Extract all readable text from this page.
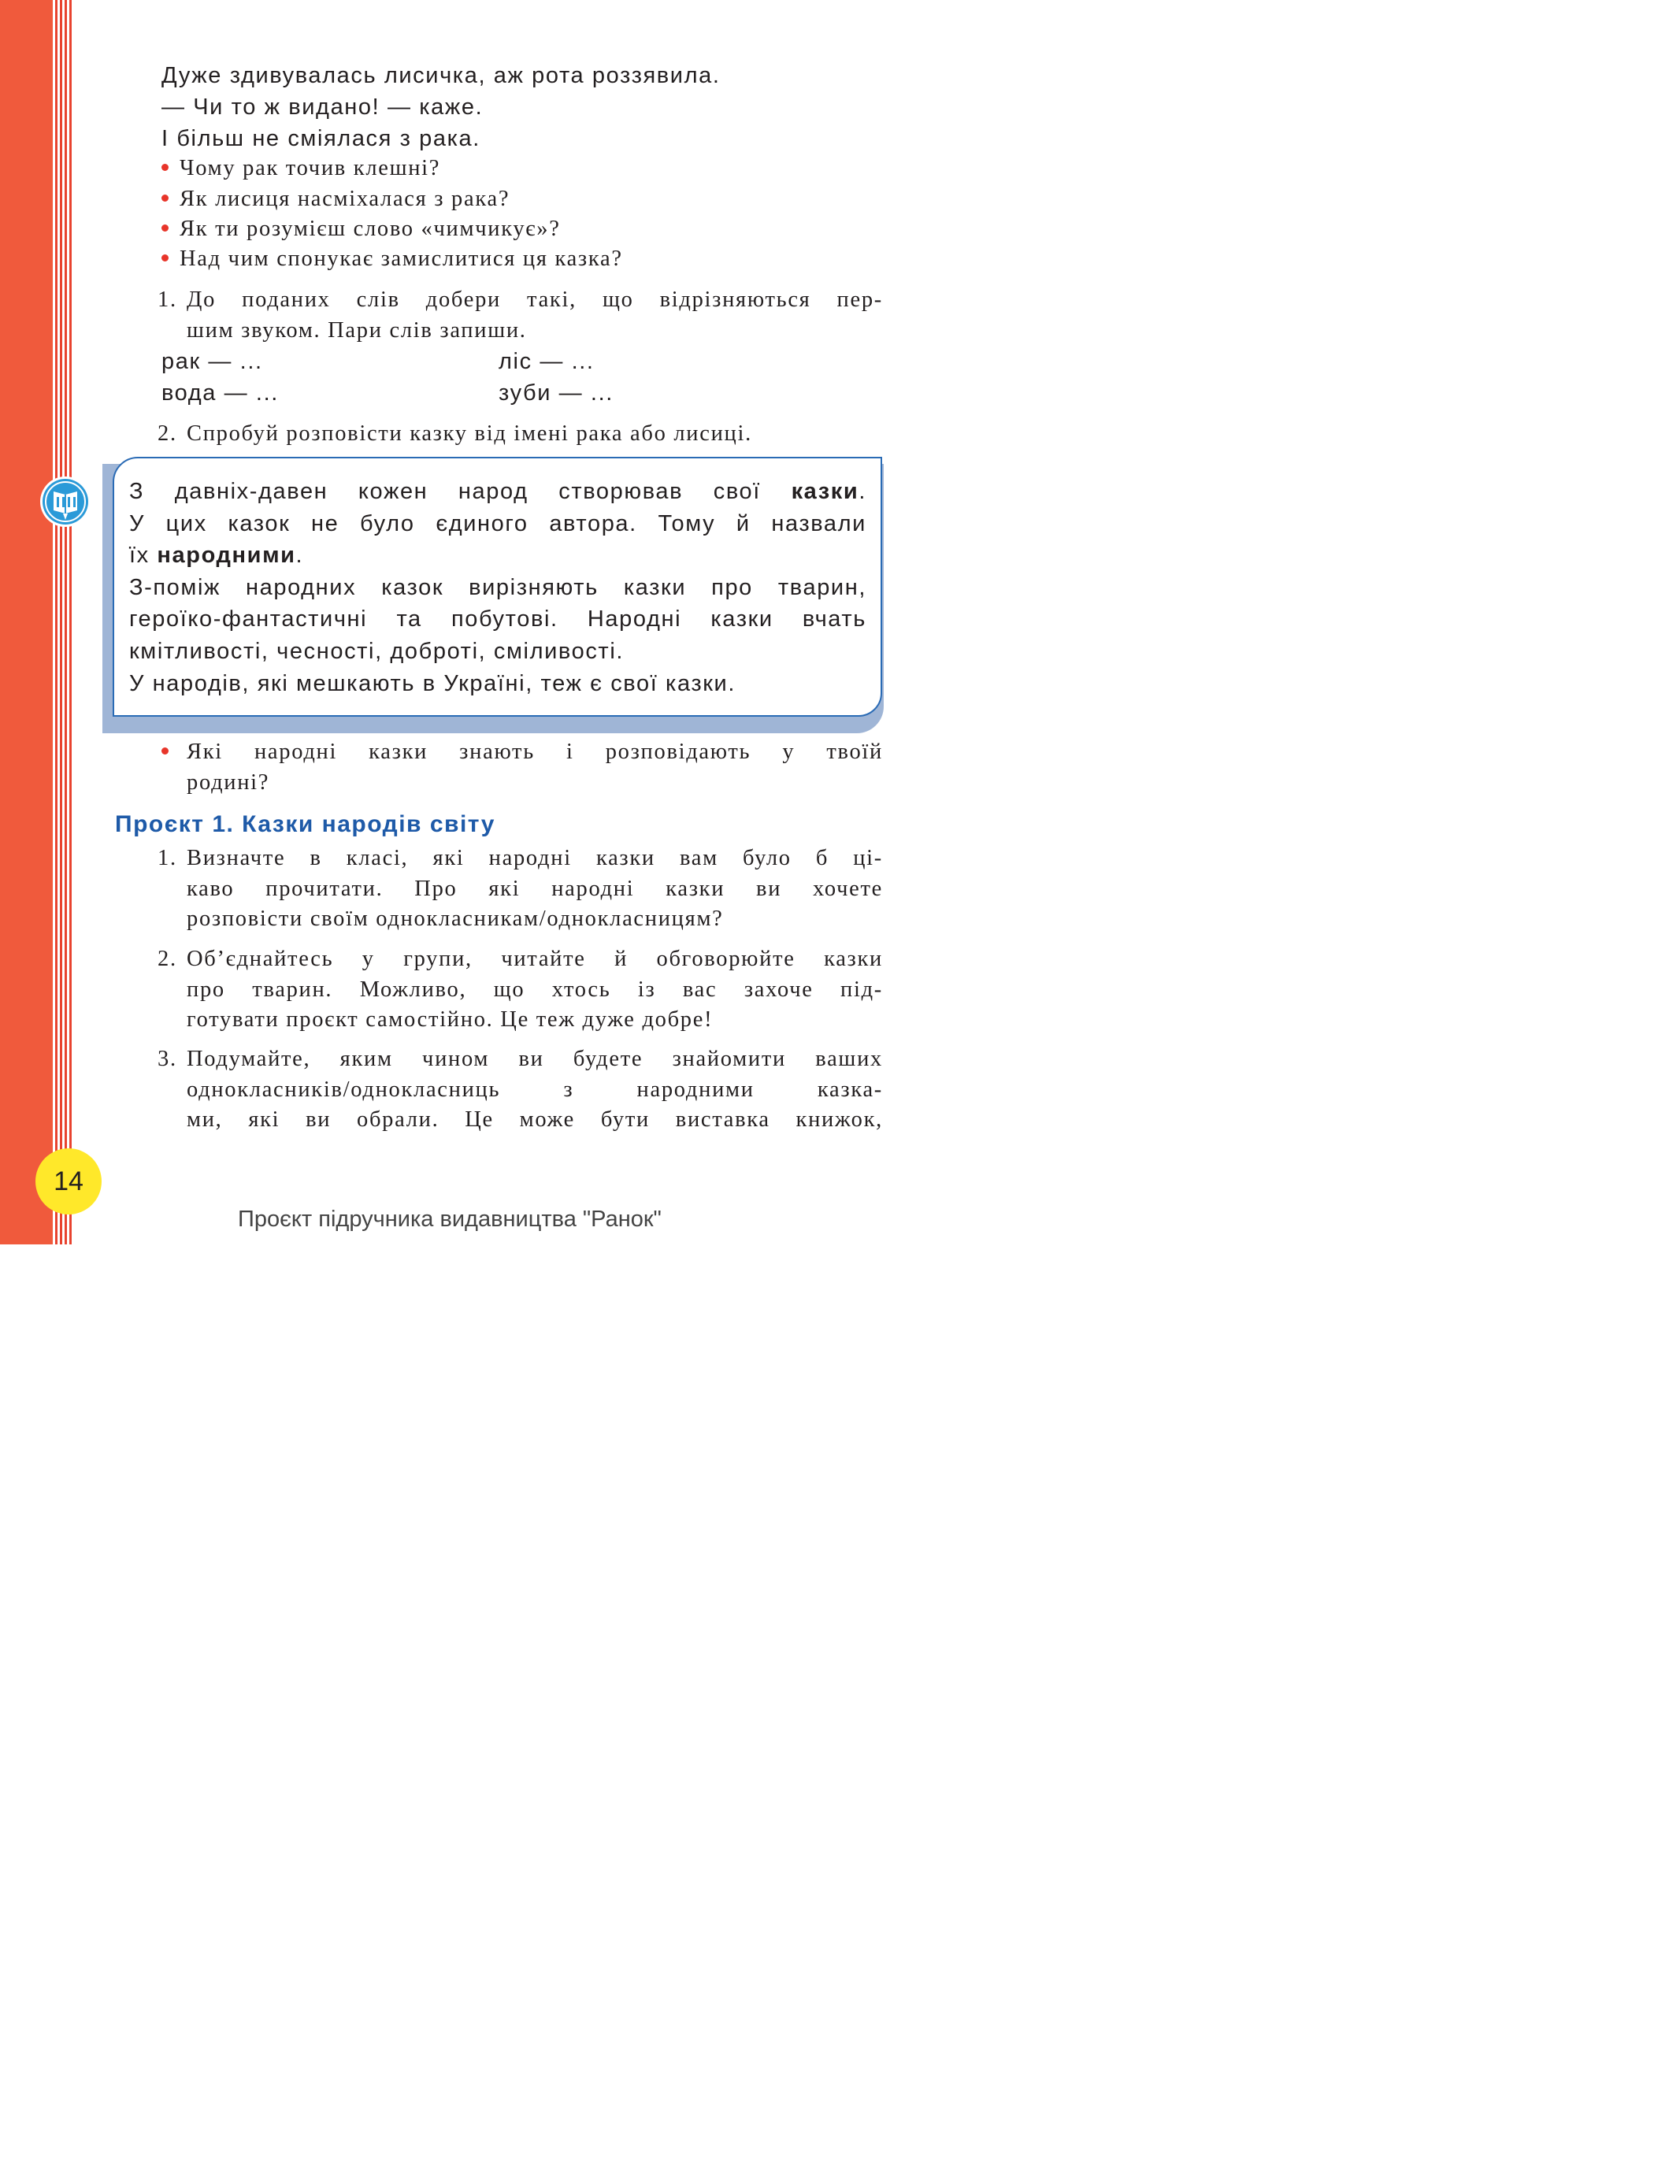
Дуже здивувалась лисичка, аж рота роззявила.
— Чи то ж видано! — каже.
І більш не сміялася з рака.
Чому рак точив клешні?
Як лисиця насміхалася з рака?
Як ти розумієш слово «чимчикує»?
Над чим спонукає замислитися ця казка?
1. До поданих слів добери такі, що відрізняються пер-

шим звуком. Пари слів запиши.

рак — ...	ліс — ...
вода — ...	зуби — ...
2. Спробуй розповісти казку від імені рака або лисиці.

З давніх-давен кожен народ створював свої казки.

У цих казок не було єдиного автора. Тому й назвали

їх народними.

З-поміж народних казок вирізняють казки про тварин,

героїко-фантастичні та побутові. Народні казки вчать

кмітливості, чесності, доброті, сміливості.

У народів, які мешкають в Україні, теж є свої казки.

Які народні казки знають і розповідають у твоїй

родині?

Проєкт 1. Казки народів світу
1. Визначте в класі, які народні казки вам було б ці-

каво прочитати. Про які народні казки ви хочете

розповісти своїм однокласникам/однокласницям?

2. Об’єднайтесь у групи, читайте й обговорюйте казки

про тварин. Можливо, що хтось із вас захоче під-

готувати проєкт самостійно. Це теж дуже добре!

3. Подумайте, яким чином ви будете знайомити ваших

однокласників/однокласниць з народними казка-

ми, які ви обрали. Це може бути виставка книжок,

14
Проєкт підручника видавництва "Ранок"
